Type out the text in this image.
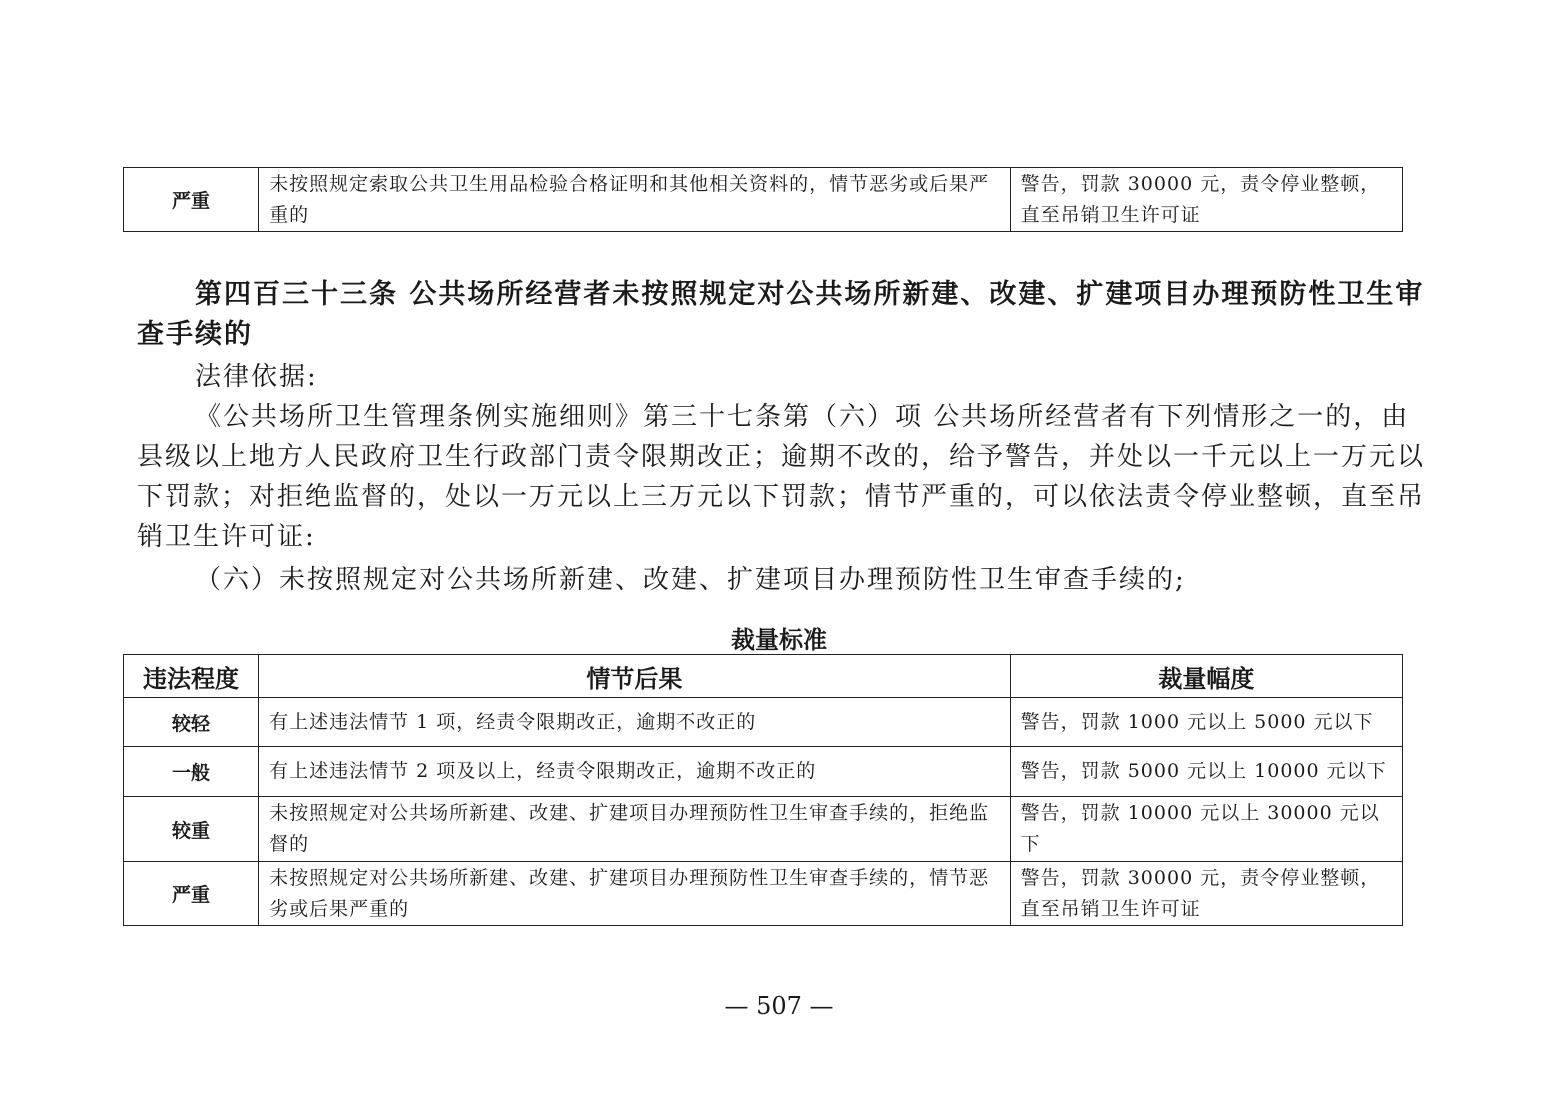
严重	未按照规定索取公共卫生用品检验合格证明和其他相关资料的，情节恶劣或后果严重的	警告，罚款 30000 元，责令停业整顿，直至吊销卫生许可证

第四百三十三条 公共场所经营者未按照规定对公共场所新建、改建、扩建项目办理预防性卫生审查手续的

法律依据:

《公共场所卫生管理条例实施细则》第三十七条第（六）项 公共场所经营者有下列情形之一的，由县级以上地方人民政府卫生行政部门责令限期改正；逾期不改的，给予警告，并处以一千元以上一万元以下罚款；对拒绝监督的，处以一万元以上三万元以下罚款；情节严重的，可以依法责令停业整顿，直至吊销卫生许可证:

（六）未按照规定对公共场所新建、改建、扩建项目办理预防性卫生审查手续的;

裁量标准
违法程度	情节后果	裁量幅度
较轻	有上述违法情节 1 项，经责令限期改正，逾期不改正的	警告，罚款 1000 元以上 5000 元以下
一般	有上述违法情节 2 项及以上，经责令限期改正，逾期不改正的	警告，罚款 5000 元以上 10000 元以下
较重	未按照规定对公共场所新建、改建、扩建项目办理预防性卫生审查手续的，拒绝监督的	警告，罚款 10000 元以上 30000 元以下
严重	未按照规定对公共场所新建、改建、扩建项目办理预防性卫生审查手续的，情节恶劣或后果严重的	警告，罚款 30000 元，责令停业整顿，直至吊销卫生许可证
— 507 —
